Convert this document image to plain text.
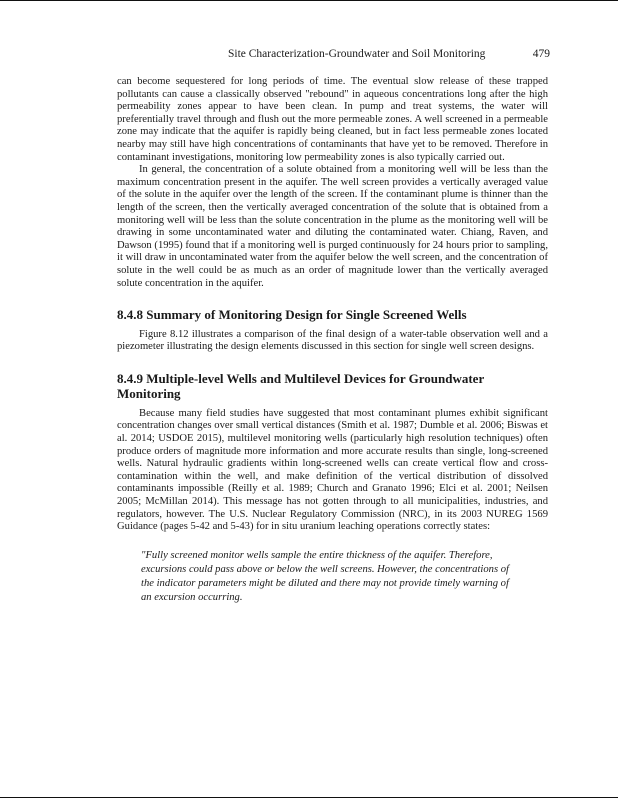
Site Characterization-Groundwater and Soil Monitoring	479

can become sequestered for long periods of time. The eventual slow release of these trapped pollutants can cause a classically observed "rebound" in aqueous concentrations long after the high permeability zones appear to have been clean. In pump and treat systems, the water will preferentially travel through and flush out the more permeable zones. A well screened in a permeable zone may indicate that the aquifer is rapidly being cleaned, but in fact less permeable zones located nearby may still have high concentrations of contaminants that have yet to be removed. Therefore in contaminant investigations, monitoring low permeability zones is also typically carried out.

In general, the concentration of a solute obtained from a monitoring well will be less than the maximum concentration present in the aquifer. The well screen provides a vertically averaged value of the solute in the aquifer over the length of the screen. If the contaminant plume is thinner than the length of the screen, then the vertically averaged concentration of the solute that is obtained from a monitoring well will be less than the solute concentration in the plume as the monitoring well will be drawing in some uncontaminated water and diluting the contaminated water. Chiang, Raven, and Dawson (1995) found that if a monitoring well is purged continuously for 24 hours prior to sampling, it will draw in uncontaminated water from the aquifer below the well screen, and the concentration of solute in the well could be as much as an order of magnitude lower than the vertically averaged solute concentration in the aquifer.

8.4.8 Summary of Monitoring Design for Single Screened Wells

Figure 8.12 illustrates a comparison of the final design of a water-table observation well and a piezometer illustrating the design elements discussed in this section for single well screen designs.

8.4.9 Multiple-level Wells and Multilevel Devices for Groundwater Monitoring

Because many field studies have suggested that most contaminant plumes exhibit significant concentration changes over small vertical distances (Smith et al. 1987; Dumble et al. 2006; Biswas et al. 2014; USDOE 2015), multilevel monitoring wells (particularly high resolution techniques) often produce orders of magnitude more information and more accurate results than single, long-screened wells. Natural hydraulic gradients within long-screened wells can create vertical flow and cross-contamination within the well, and make definition of the vertical distribution of dissolved contaminants impossible (Reilly et al. 1989; Church and Granato 1996; Elci et al. 2001; Neilsen 2005; McMillan 2014). This message has not gotten through to all municipalities, industries, and regulators, however. The U.S. Nuclear Regulatory Commission (NRC), in its 2003 NUREG 1569 Guidance (pages 5-42 and 5-43) for in situ uranium leaching operations correctly states:

"Fully screened monitor wells sample the entire thickness of the aquifer. Therefore, excursions could pass above or below the well screens. However, the concentrations of the indicator parameters might be diluted and there may not provide timely warning of an excursion occurring.
